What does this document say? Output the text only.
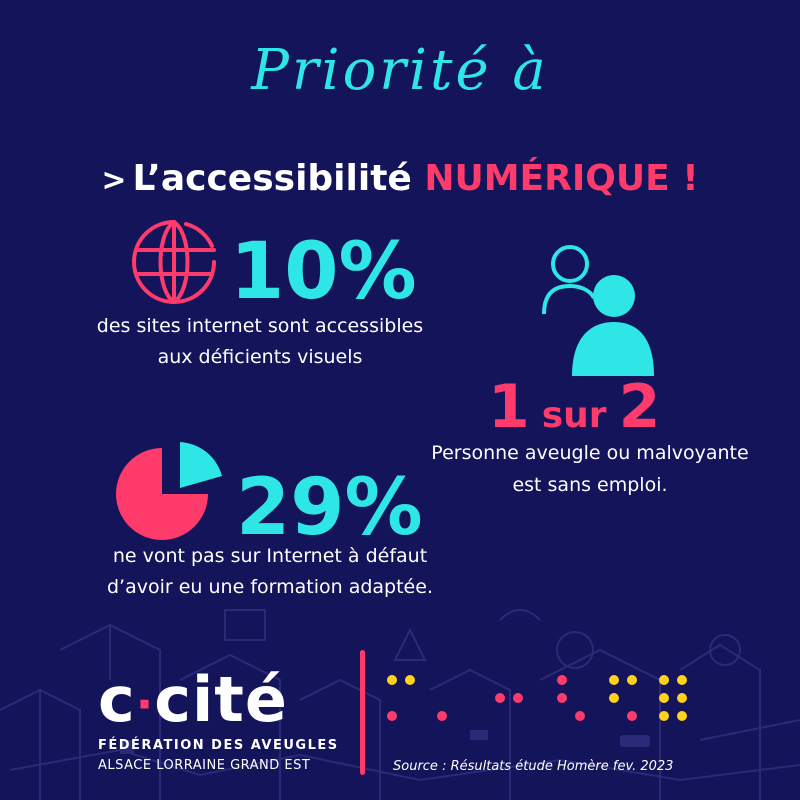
Priorité à
> L’accessibilité NUMÉRIQUE !
10%
des sites internet sont accessibles
aux déficients visuels
1 sur 2
Personne aveugle ou malvoyante
est sans emploi.
29%
ne vont pas sur Internet à défaut
d’avoir eu une formation adaptée.
c·cité
FÉDÉRATION DES AVEUGLES
ALSACE LORRAINE GRAND EST	Source : Résultats étude Homère fev. 2023
